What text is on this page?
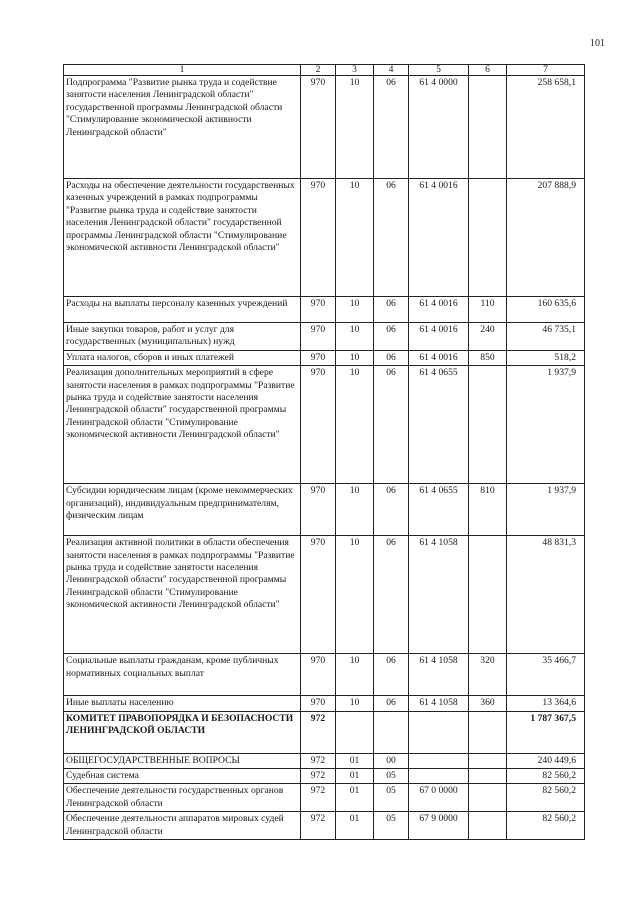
101
1	2	3	4	5	6	7
Подпрограмма "Развитие рынка труда и содействие занятости населения Ленинградской области" государственной программы Ленинградской области "Стимулирование экономической активности Ленинградской области"	970	10	06	61 4 0000		258 658,1
Расходы на обеспечение деятельности государственных казенных учреждений в рамках подпрограммы "Развитие рынка труда и содействие занятости населения Ленинградской области" государственной программы Ленинградской области "Стимулирование экономической активности Ленинградской области"	970	10	06	61 4 0016		207 888,9
Расходы на выплаты персоналу казенных учреждений	970	10	06	61 4 0016	110	160 635,6
Иные закупки товаров, работ и услуг для государственных (муниципальных) нужд	970	10	06	61 4 0016	240	46 735,1
Уплата налогов, сборов и иных платежей	970	10	06	61 4 0016	850	518,2
Реализация дополнительных мероприятий в сфере занятости населения в рамках подпрограммы "Развитие рынка труда и содействие занятости населения Ленинградской области" государственной программы Ленинградской области "Стимулирование экономической активности Ленинградской области"	970	10	06	61 4 0655		1 937,9
Субсидии юридическим лицам (кроме некоммерческих организаций), индивидуальным предпринимателям, физическим лицам	970	10	06	61 4 0655	810	1 937,9
Реализация активной политики в области обеспечения занятости населения в рамках подпрограммы "Развитие рынка труда и содействие занятости населения Ленинградской области" государственной программы Ленинградской области "Стимулирование экономической активности Ленинградской области"	970	10	06	61 4 1058		48 831,3
Социальные выплаты гражданам, кроме публичных нормативных социальных выплат	970	10	06	61 4 1058	320	35 466,7
Иные выплаты населению	970	10	06	61 4 1058	360	13 364,6
КОМИТЕТ ПРАВОПОРЯДКА И БЕЗОПАСНОСТИ ЛЕНИНГРАДСКОЙ ОБЛАСТИ	972					1 787 367,5
ОБЩЕГОСУДАРСТВЕННЫЕ ВОПРОСЫ	972	01	00			240 449,6
Судебная система	972	01	05			82 560,2
Обеспечение деятельности государственных органов Ленинградской области	972	01	05	67 0 0000		82 560,2
Обеспечение деятельности аппаратов мировых судей Ленинградской области	972	01	05	67 9 0000		82 560,2
